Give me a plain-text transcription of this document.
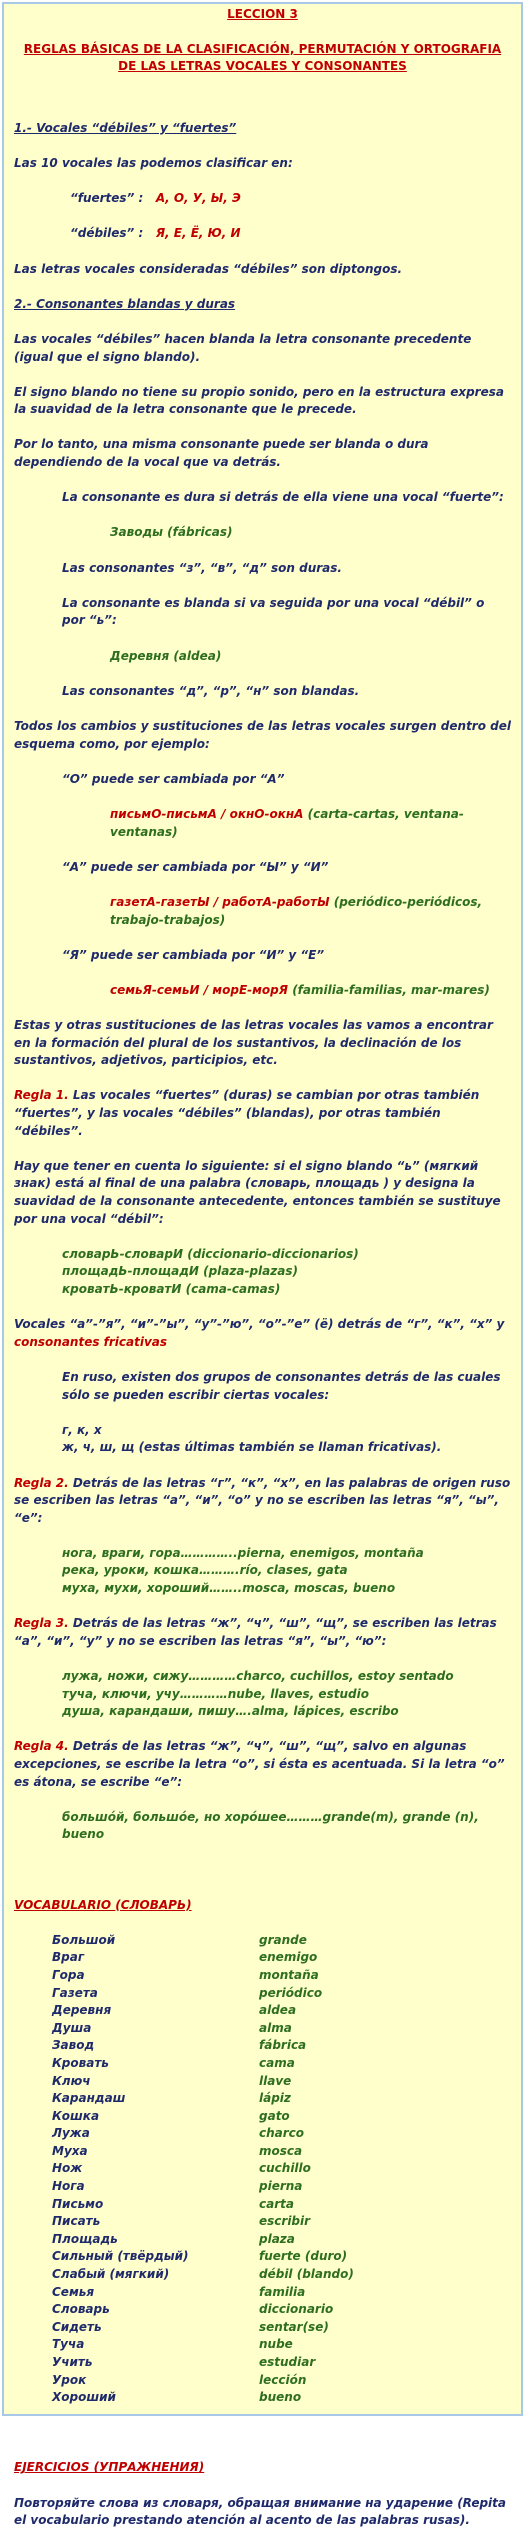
LECCION 3

REGLAS BÁSICAS DE LA CLASIFICACIÓN, PERMUTACIÓN Y ORTOGRAFIA DE LAS LETRAS VOCALES Y CONSONANTES

1.- Vocales “débiles” y “fuertes”

Las 10 vocales las podemos clasificar en:

“fuertes” : А, О, У, Ы, Э

“débiles” : Я, Е, Ё, Ю, И

Las letras vocales consideradas “débiles” son diptongos.

2.- Consonantes blandas y duras

Las vocales “débiles” hacen blanda la letra consonante precedente (igual que el signo blando).

El signo blando no tiene su propio sonido, pero en la estructura expresa la suavidad de la letra consonante que le precede.

Por lo tanto, una misma consonante puede ser blanda o dura dependiendo de la vocal que va detrás.

La consonante es dura si detrás de ella viene una vocal “fuerte”:

Заводы (fábricas)

Las consonantes “з”, “в”, “д” son duras.

La consonante es blanda si va seguida por una vocal “débil” o por “ь”:

Деревня (aldea)

Las consonantes “д”, “р”, “н” son blandas.

Todos los cambios y sustituciones de las letras vocales surgen dentro del esquema como, por ejemplo:

“О” puede ser cambiada por “А”

письмО-письмА / окнО-окнА (carta-cartas, ventana-ventanas)

“А” puede ser cambiada por “Ы” y “И”

газетА-газетЫ / работА-работЫ (periódico-periódicos, trabajo-trabajos)

“Я” puede ser cambiada por “И” y “Е”

семьЯ-семьИ / морЕ-морЯ (familia-familias, mar-mares)

Estas y otras sustituciones de las letras vocales las vamos a encontrar en la formación del plural de los sustantivos, la declinación de los sustantivos, adjetivos, participios, etc.

Regla 1. Las vocales “fuertes” (duras) se cambian por otras también “fuertes”, y las vocales “débiles” (blandas), por otras también “débiles”.

Hay que tener en cuenta lo siguiente: si el signo blando “ь” (мягкий знак) está al final de una palabra (словарь, площадь ) y designa la suavidad de la consonante antecedente, entonces también se sustituye por una vocal “débil”:

словарЬ-словарИ (diccionario-diccionarios)

площадЬ-площадИ (plaza-plazas)

кроватЬ-кроватИ (cama-camas)

Vocales “а”-”я”, “и”-”ы”, “у”-”ю”, “о”-”е” (ё) detrás de “г”, “к”, “х” y consonantes fricativas

En ruso, existen dos grupos de consonantes detrás de las cuales sólo se pueden escribir ciertas vocales:

г, к, х

ж, ч, ш, щ (estas últimas también se llaman fricativas).

Regla 2. Detrás de las letras “г”, “к”, “х”, en las palabras de origen ruso se escriben las letras “а”, “и”, “о” y no se escriben las letras “я”, “ы”, “е”:

нога, враги, гора…………..pierna, enemigos, montaña

река, уроки, кошка……….río, clases, gata

муха, мухи, хороший……..mosca, moscas, bueno

Regla 3. Detrás de las letras “ж”, “ч”, “ш”, “щ”, se escriben las letras “а”, “и”, “у” y no se escriben las letras “я”, “ы”, “ю”:

лужа, ножи, сижу…………charco, cuchillos, estoy sentado

туча, ключи, учу…………nube, llaves, estudio

душа, карандаши, пишу….alma, lápices, escribo

Regla 4. Detrás de las letras “ж”, “ч”, “ш”, “щ”, salvo en algunas excepciones, se escribe la letra “о”, si ésta es acentuada. Si la letra “о” es átona, se escribe “е”:

большóй, большóе, но хорóшее………grande(m), grande (n), bueno

VOCABULARIO (СЛОВАРЬ)

Большой	grande
Враг	enemigo
Гора	montaña
Газета	periódico
Деревня	aldea
Душа	alma
Завод	fábrica
Кровать	cama
Ключ	llave
Карандаш	lápiz
Кошка	gato
Лужа	charco
Муха	mosca
Нож	cuchillo
Нога	pierna
Письмо	carta
Писать	escribir
Площадь	plaza
Сильный (твёрдый)	fuerte (duro)
Слабый (мягкий)	débil (blando)
Семья	familia
Словарь	diccionario
Сидеть	sentar(se)
Туча	nube
Учить	estudiar
Урок	lección
Хороший	bueno

EJERCICIOS (УПРАЖНЕНИЯ)

Повторяйте слова из словаря, обращая внимание на ударение (Repita el vocabulario prestando atención al acento de las palabras rusas).
